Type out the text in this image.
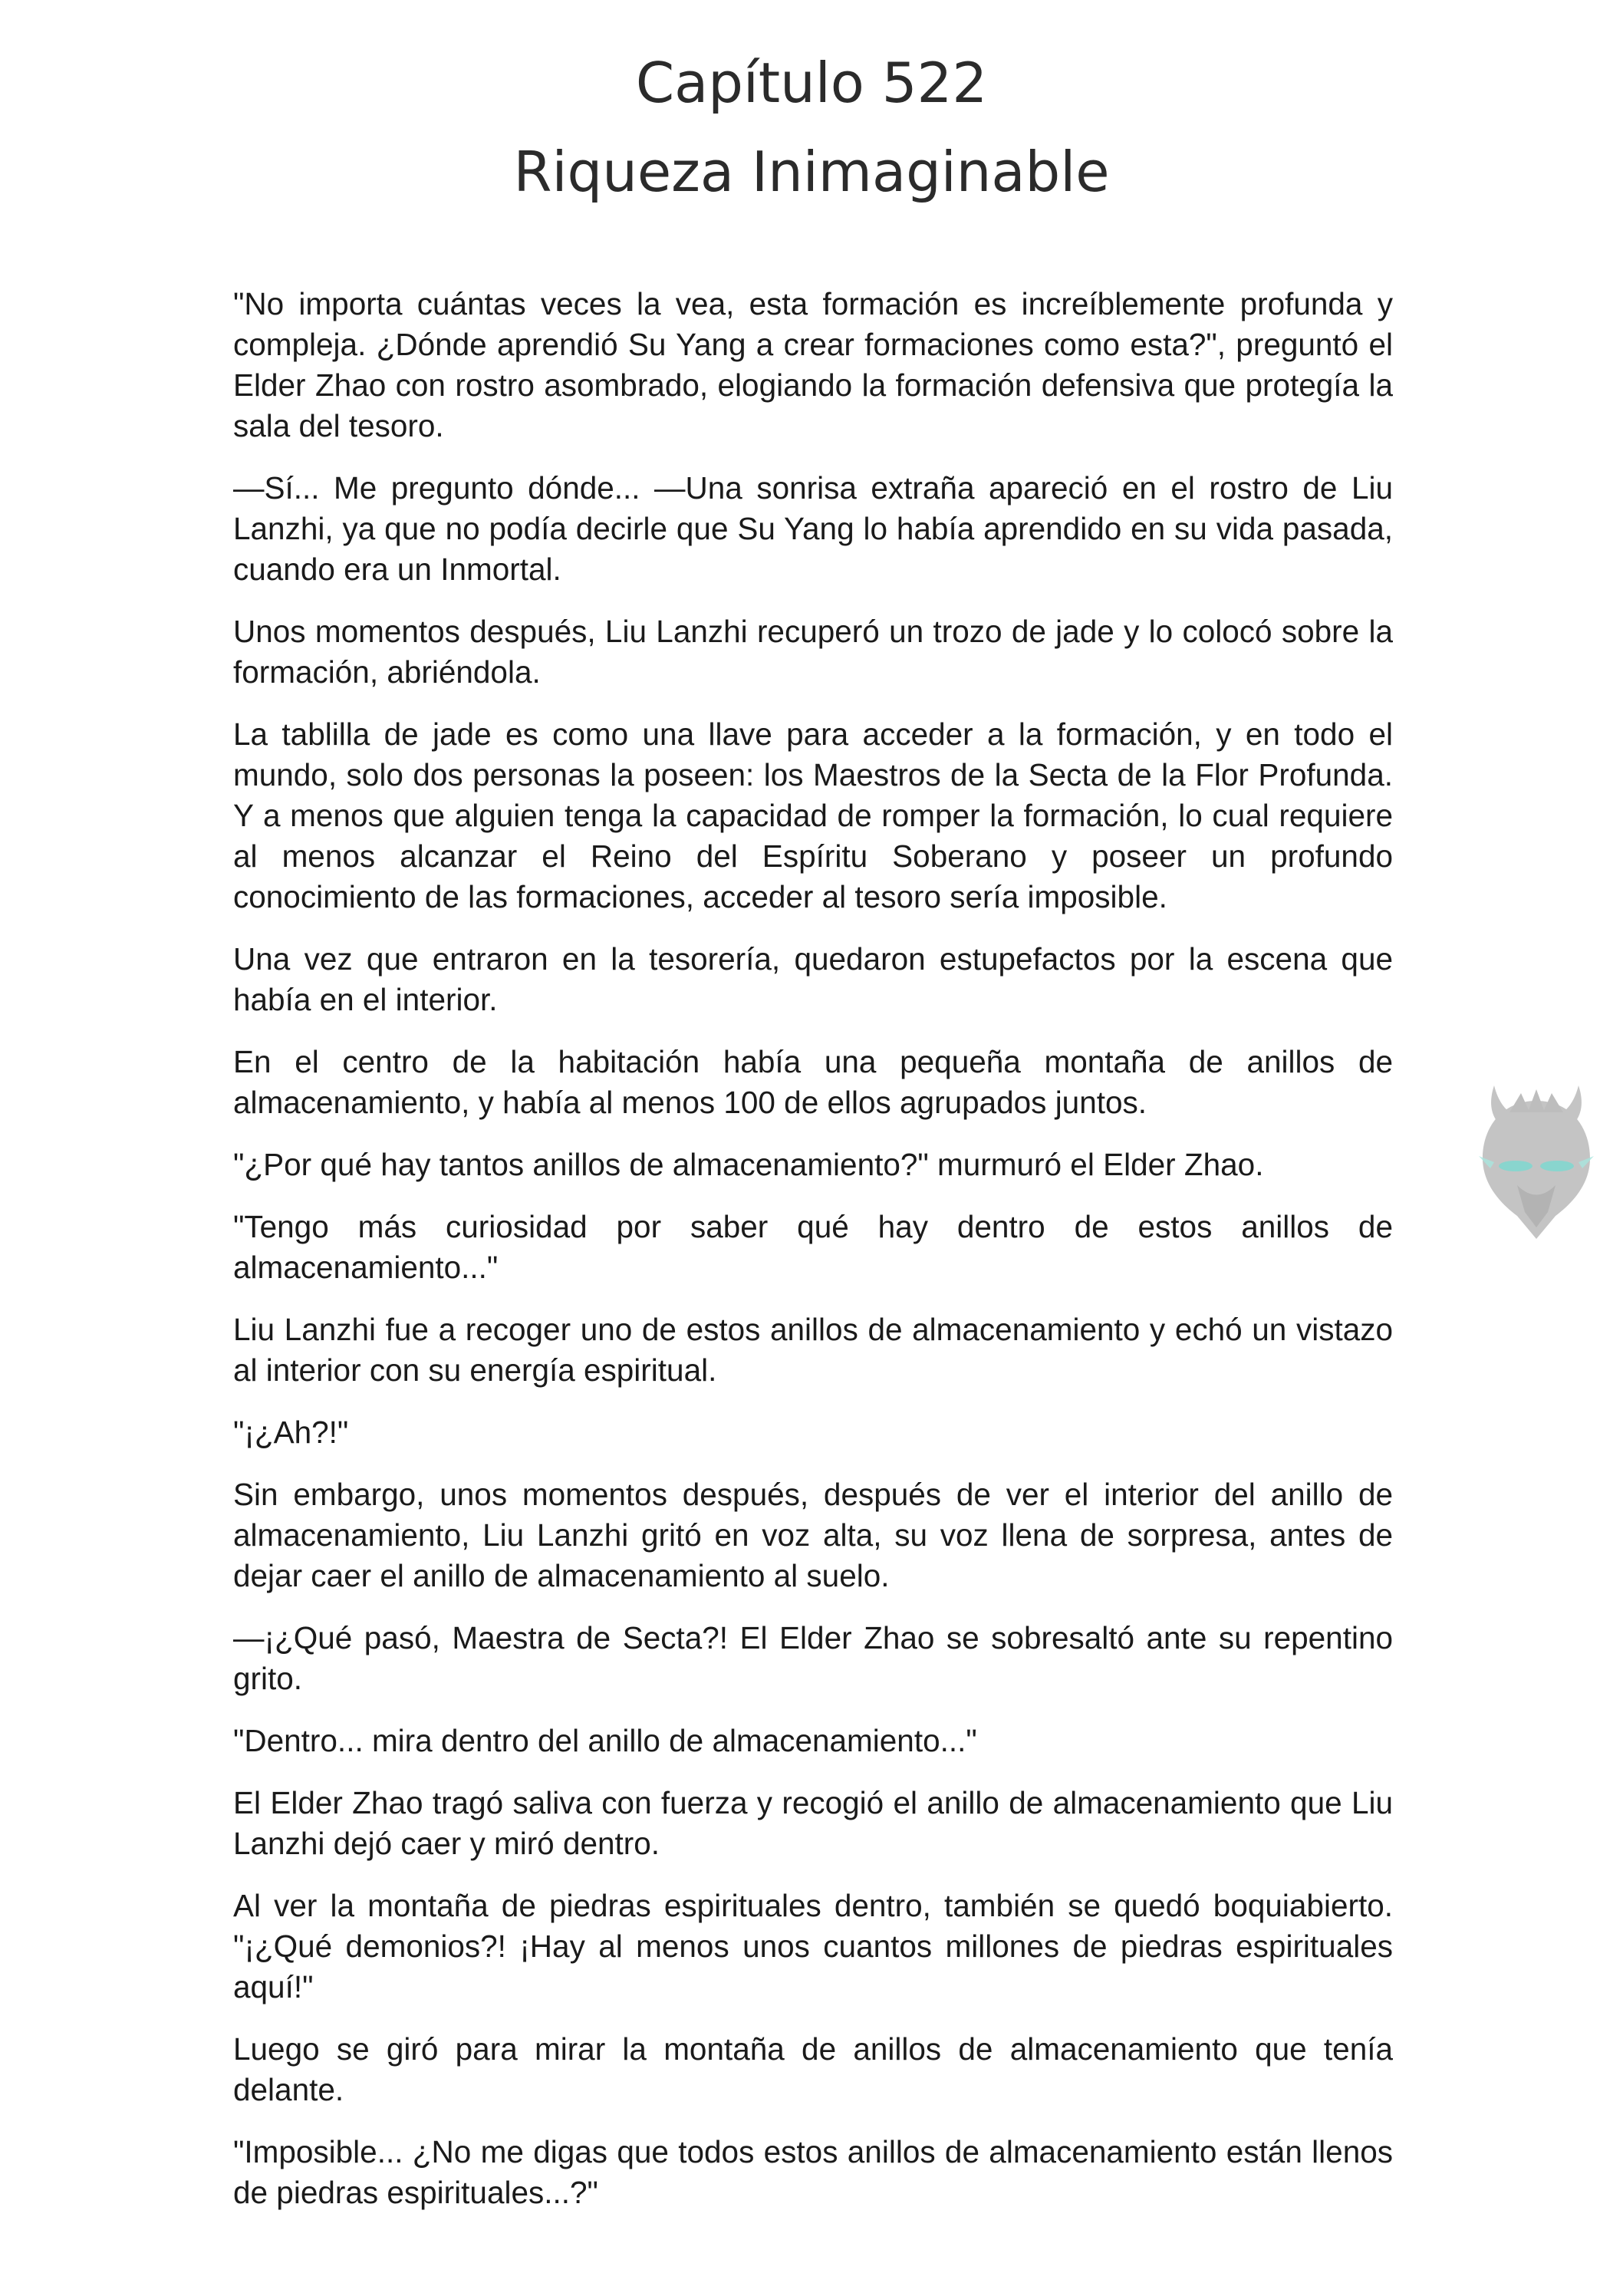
Capítulo 522
Riqueza Inimaginable

"No importa cuántas veces la vea, esta formación es increíblemente profunda y compleja. ¿Dónde aprendió Su Yang a crear formaciones como esta?", preguntó el Elder Zhao con rostro asombrado, elogiando la formación defensiva que protegía la sala del tesoro.

—Sí... Me pregunto dónde... —Una sonrisa extraña apareció en el rostro de Liu Lanzhi, ya que no podía decirle que Su Yang lo había aprendido en su vida pasada, cuando era un Inmortal.

Unos momentos después, Liu Lanzhi recuperó un trozo de jade y lo colocó sobre la formación, abriéndola.

La tablilla de jade es como una llave para acceder a la formación, y en todo el mundo, solo dos personas la poseen: los Maestros de la Secta de la Flor Profunda. Y a menos que alguien tenga la capacidad de romper la formación, lo cual requiere al menos alcanzar el Reino del Espíritu Soberano y poseer un profundo conocimiento de las formaciones, acceder al tesoro sería imposible.

Una vez que entraron en la tesorería, quedaron estupefactos por la escena que había en el interior.

En el centro de la habitación había una pequeña montaña de anillos de almacenamiento, y había al menos 100 de ellos agrupados juntos.

"¿Por qué hay tantos anillos de almacenamiento?" murmuró el Elder Zhao.

"Tengo más curiosidad por saber qué hay dentro de estos anillos de almacenamiento..."

Liu Lanzhi fue a recoger uno de estos anillos de almacenamiento y echó un vistazo al interior con su energía espiritual.

"¡¿Ah?!"

Sin embargo, unos momentos después, después de ver el interior del anillo de almacenamiento, Liu Lanzhi gritó en voz alta, su voz llena de sorpresa, antes de dejar caer el anillo de almacenamiento al suelo.

—¡¿Qué pasó, Maestra de Secta?! El Elder Zhao se sobresaltó ante su repentino grito.

"Dentro... mira dentro del anillo de almacenamiento..."

El Elder Zhao tragó saliva con fuerza y recogió el anillo de almacenamiento que Liu Lanzhi dejó caer y miró dentro.

Al ver la montaña de piedras espirituales dentro, también se quedó boquiabierto. "¡¿Qué demonios?! ¡Hay al menos unos cuantos millones de piedras espirituales aquí!"

Luego se giró para mirar la montaña de anillos de almacenamiento que tenía delante.

"Imposible... ¿No me digas que todos estos anillos de almacenamiento están llenos de piedras espirituales...?"
